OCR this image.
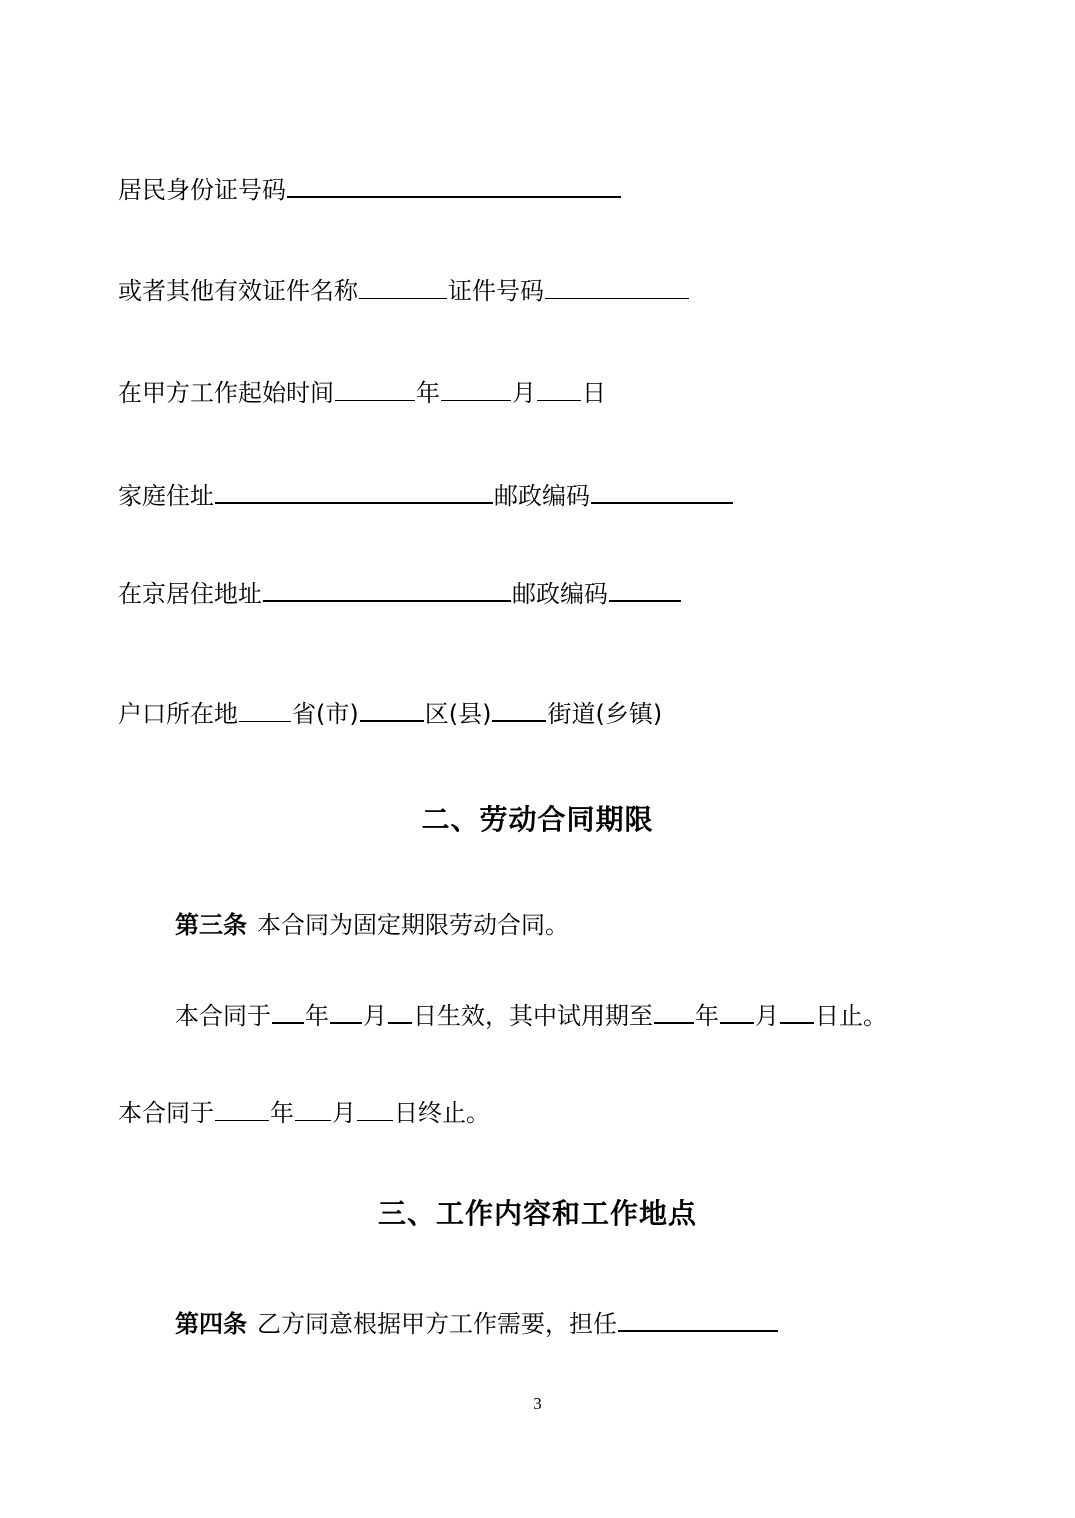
居民身份证号码
或者其他有效证件名称	证件号码
在甲方工作起始时间	年	月 日
家庭住址	邮政编码
在京居住地址	邮政编码
户口所在地 省(市)	区(县) 街道(乡镇)
二、劳动合同期限
第三条 本合同为固定期限劳动合同。
本合同于 年 月 日生效，其中试用期至 年 月 日止。
本合同于 年 月 日终止。
三、工作内容和工作地点
第四条 乙方同意根据甲方工作需要，担任
3
